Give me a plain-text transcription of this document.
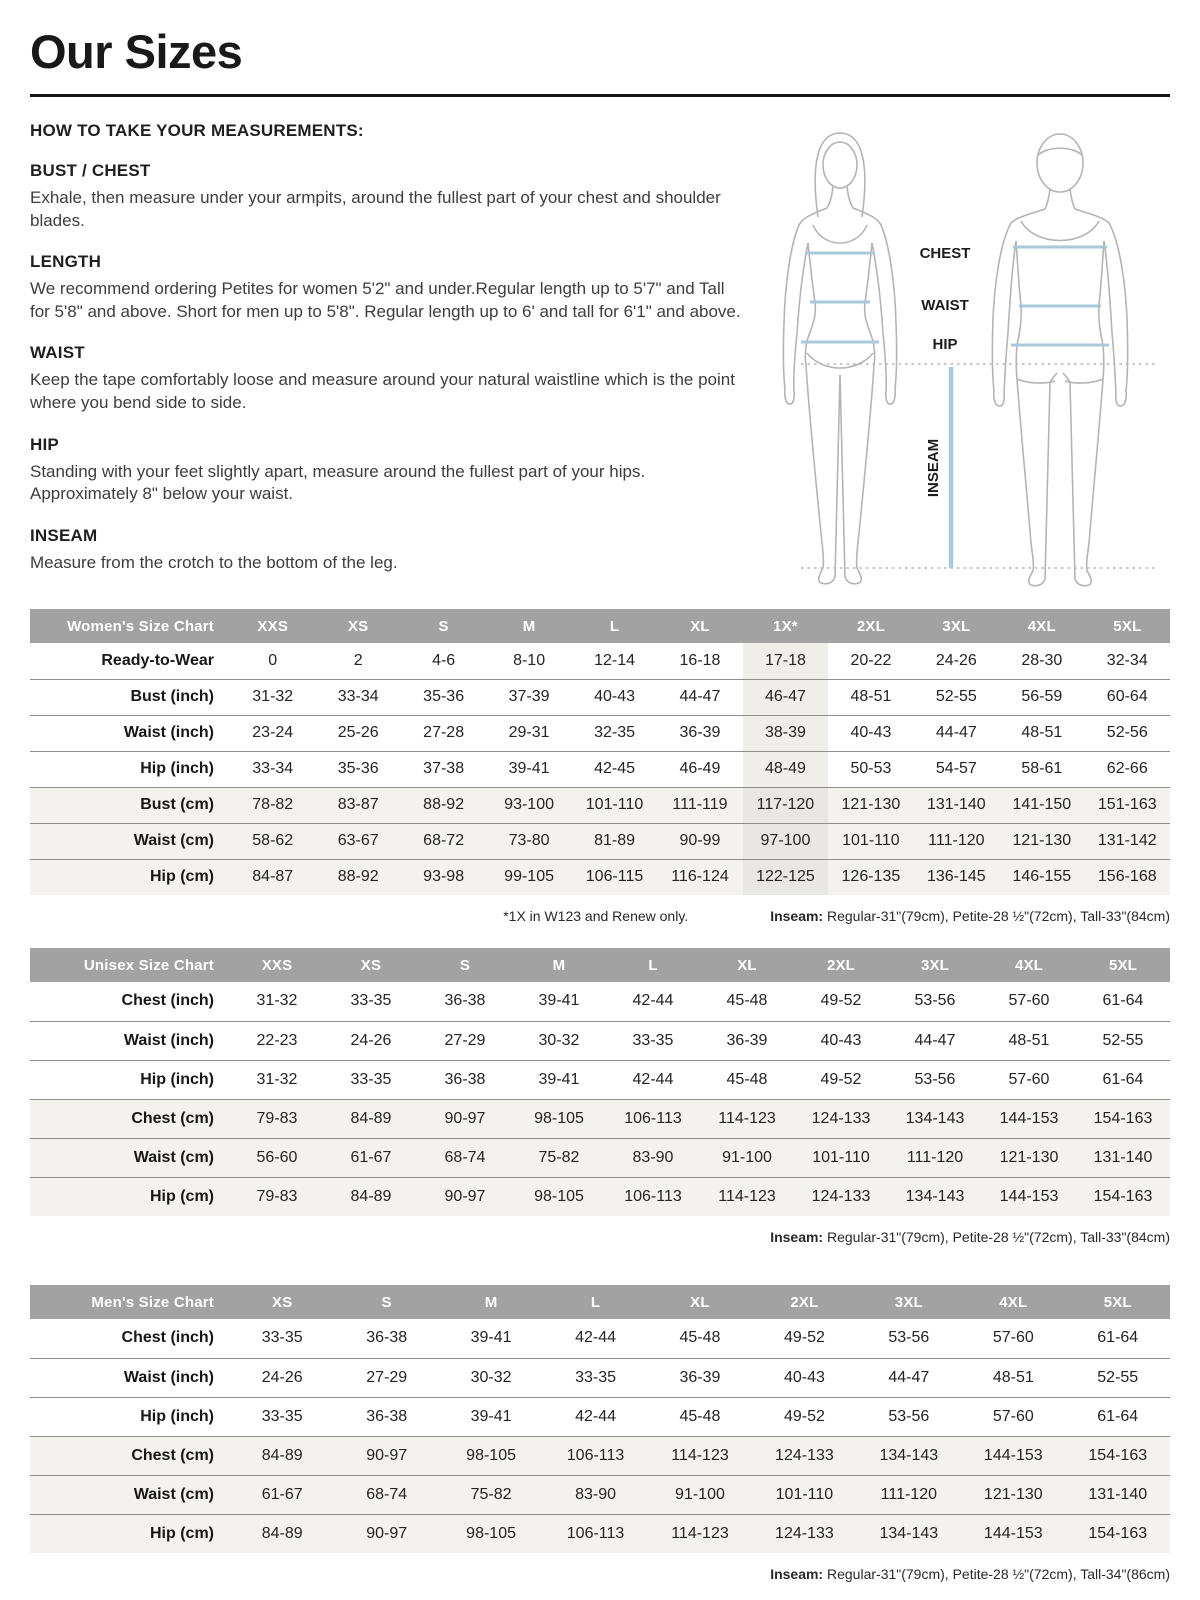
Our Sizes
HOW TO TAKE YOUR MEASUREMENTS:
BUST / CHEST
Exhale, then measure under your armpits, around the fullest part of your chest and shoulder blades.
LENGTH
We recommend ordering Petites for women 5'2" and under.Regular length up to 5'7" and Tall for 5'8" and above. Short for men up to 5'8". Regular length up to 6' and tall for 6'1" and above.
WAIST
Keep the tape comfortably loose and measure around your natural waistline which is the point where you bend side to side.
HIP
Standing with your feet slightly apart, measure around the fullest part of your hips. Approximately 8" below your waist.
INSEAM
Measure from the crotch to the bottom of the leg.
CHEST
WAIST
HIP
INSEAM
Women's Size Chart	XXS	XS	S	M	L	XL	1X*	2XL	3XL	4XL	5XL
Ready-to-Wear	0	2	4-6	8-10	12-14	16-18	17-18	20-22	24-26	28-30	32-34
Bust (inch)	31-32	33-34	35-36	37-39	40-43	44-47	46-47	48-51	52-55	56-59	60-64
Waist (inch)	23-24	25-26	27-28	29-31	32-35	36-39	38-39	40-43	44-47	48-51	52-56
Hip (inch)	33-34	35-36	37-38	39-41	42-45	46-49	48-49	50-53	54-57	58-61	62-66
Bust (cm)	78-82	83-87	88-92	93-100	101-110	111-119	117-120	121-130	131-140	141-150	151-163
Waist (cm)	58-62	63-67	68-72	73-80	81-89	90-99	97-100	101-110	111-120	121-130	131-142
Hip (cm)	84-87	88-92	93-98	99-105	106-115	116-124	122-125	126-135	136-145	146-155	156-168
*1X in W123 and Renew only.	Inseam: Regular-31"(79cm), Petite-28 ½"(72cm), Tall-33"(84cm)
Unisex Size Chart	XXS	XS	S	M	L	XL	2XL	3XL	4XL	5XL
Chest (inch)	31-32	33-35	36-38	39-41	42-44	45-48	49-52	53-56	57-60	61-64
Waist (inch)	22-23	24-26	27-29	30-32	33-35	36-39	40-43	44-47	48-51	52-55
Hip (inch)	31-32	33-35	36-38	39-41	42-44	45-48	49-52	53-56	57-60	61-64
Chest (cm)	79-83	84-89	90-97	98-105	106-113	114-123	124-133	134-143	144-153	154-163
Waist (cm)	56-60	61-67	68-74	75-82	83-90	91-100	101-110	111-120	121-130	131-140
Hip (cm)	79-83	84-89	90-97	98-105	106-113	114-123	124-133	134-143	144-153	154-163
Inseam: Regular-31"(79cm), Petite-28 ½"(72cm), Tall-33"(84cm)
Men's Size Chart	XS	S	M	L	XL	2XL	3XL	4XL	5XL
Chest (inch)	33-35	36-38	39-41	42-44	45-48	49-52	53-56	57-60	61-64
Waist (inch)	24-26	27-29	30-32	33-35	36-39	40-43	44-47	48-51	52-55
Hip (inch)	33-35	36-38	39-41	42-44	45-48	49-52	53-56	57-60	61-64
Chest (cm)	84-89	90-97	98-105	106-113	114-123	124-133	134-143	144-153	154-163
Waist (cm)	61-67	68-74	75-82	83-90	91-100	101-110	111-120	121-130	131-140
Hip (cm)	84-89	90-97	98-105	106-113	114-123	124-133	134-143	144-153	154-163
Inseam: Regular-31"(79cm), Petite-28 ½"(72cm), Tall-34"(86cm)
